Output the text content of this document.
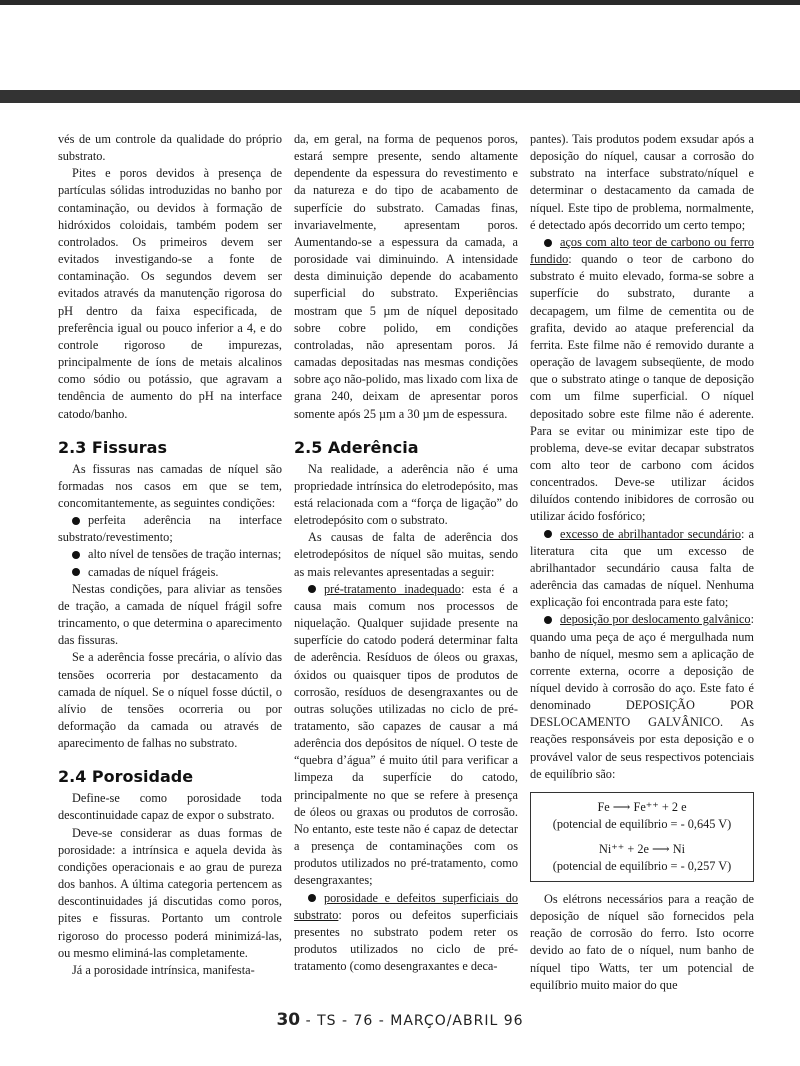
vés de um controle da qualidade do próprio substrato.

Pites e poros devidos à presença de partículas sólidas introduzidas no banho por contaminação, ou devidos à formação de hidróxidos coloidais, também podem ser controlados. Os primeiros devem ser evitados investigando-se a fonte de contaminação. Os segundos devem ser evitados através da manutenção rigorosa do pH dentro da faixa especificada, de preferência igual ou pouco inferior a 4, e do controle rigoroso de impurezas, principalmente de íons de metais alcalinos como sódio ou potássio, que agravam a tendência de aumento do pH na interface catodo/banho.

2.3 Fissuras

As fissuras nas camadas de níquel são formadas nos casos em que se tem, concomitantemente, as seguintes condições:

perfeita aderência na interface substrato/revestimento;

alto nível de tensões de tração internas;

camadas de níquel frágeis.

Nestas condições, para aliviar as tensões de tração, a camada de níquel frágil sofre trincamento, o que determina o aparecimento das fissuras.

Se a aderência fosse precária, o alívio das tensões ocorreria por destacamento da camada de níquel. Se o níquel fosse dúctil, o alívio de tensões ocorreria ou por deformação da camada ou através de aparecimento de falhas no substrato.

2.4 Porosidade

Define-se como porosidade toda descontinuidade capaz de expor o substrato.

Deve-se considerar as duas formas de porosidade: a intrínsica e aquela devida às condições operacionais e ao grau de pureza dos banhos. A última categoria pertencem as descontinuidades já discutidas como poros, pites e fissuras. Portanto um controle rigoroso do processo poderá minimizá-las, ou mesmo eliminá-las completamente.

Já a porosidade intrínsica, manifesta-

da, em geral, na forma de pequenos poros, estará sempre presente, sendo altamente dependente da espessura do revestimento e da natureza e do tipo de acabamento de superfície do substrato. Camadas finas, invariavelmente, apresentam poros. Aumentando-se a espessura da camada, a porosidade vai diminuindo. A intensidade desta diminuição depende do acabamento superficial do substrato. Experiências mostram que 5 µm de níquel depositado sobre cobre polido, em condições controladas, não apresentam poros. Já camadas depositadas nas mesmas condições sobre aço não-polido, mas lixado com lixa de grana 240, deixam de apresentar poros somente após 25 µm a 30 µm de espessura.

2.5 Aderência

Na realidade, a aderência não é uma propriedade intrínsica do eletrodepósito, mas está relacionada com a “força de ligação” do eletrodepósito com o substrato.

As causas de falta de aderência dos eletrodepósitos de níquel são muitas, sendo as mais relevantes apresentadas a seguir:

pré-tratamento inadequado: esta é a causa mais comum nos processos de niquelação. Qualquer sujidade presente na superfície do catodo poderá determinar falta de aderência. Resíduos de óleos ou graxas, óxidos ou quaisquer tipos de produtos de corrosão, resíduos de desengraxantes ou de outras soluções utilizadas no ciclo de pré-tratamento, são capazes de causar a má aderência dos depósitos de níquel. O teste de “quebra d’água” é muito útil para verificar a limpeza da superfície do catodo, principalmente no que se refere à presença de óleos ou graxas ou produtos de corrosão. No entanto, este teste não é capaz de detectar a presença de contaminações com os produtos utilizados no pré-tratamento, como desengraxantes;

porosidade e defeitos superficiais do substrato: poros ou defeitos superficiais presentes no substrato podem reter os produtos utilizados no ciclo de pré-tratamento (como desengraxantes e deca-

pantes). Tais produtos podem exsudar após a deposição do níquel, causar a corrosão do substrato na interface substrato/níquel e determinar o destacamento da camada de níquel. Este tipo de problema, normalmente, é detectado após decorrido um certo tempo;

aços com alto teor de carbono ou ferro fundido: quando o teor de carbono do substrato é muito elevado, forma-se sobre a superfície do substrato, durante a decapagem, um filme de cementita ou de grafita, devido ao ataque preferencial da ferrita. Este filme não é removido durante a operação de lavagem subseqüente, de modo que o substrato atinge o tanque de deposição com um filme superficial. O níquel depositado sobre este filme não é aderente. Para se evitar ou minimizar este tipo de problema, deve-se evitar decapar substratos com alto teor de carbono com ácidos concentrados. Deve-se utilizar ácidos diluídos contendo inibidores de corrosão ou utilizar ácido fosfórico;

excesso de abrilhantador secundário: a literatura cita que um excesso de abrilhantador secundário causa falta de aderência das camadas de níquel. Nenhuma explicação foi encontrada para este fato;

deposição por deslocamento galvânico: quando uma peça de aço é mergulhada num banho de níquel, mesmo sem a aplicação de corrente externa, ocorre a deposição de níquel devido à corrosão do aço. Este fato é denominado DEPOSIÇÃO POR DESLOCAMENTO GALVÂNICO. As reações responsáveis por esta deposição e o provável valor de seus respectivos potenciais de equilíbrio são:

Fe ⟶ Fe⁺⁺ + 2 e
(potencial de equilíbrio = - 0,645 V)
Ni⁺⁺ + 2e ⟶ Ni
(potencial de equilíbrio = - 0,257 V)

Os elétrons necessários para a reação de deposição de níquel são fornecidos pela reação de corrosão do ferro. Isto ocorre devido ao fato de o níquel, num banho de níquel tipo Watts, ter um potencial de equilíbrio muito maior do que

30 - TS - 76 - MARÇO/ABRIL 96
